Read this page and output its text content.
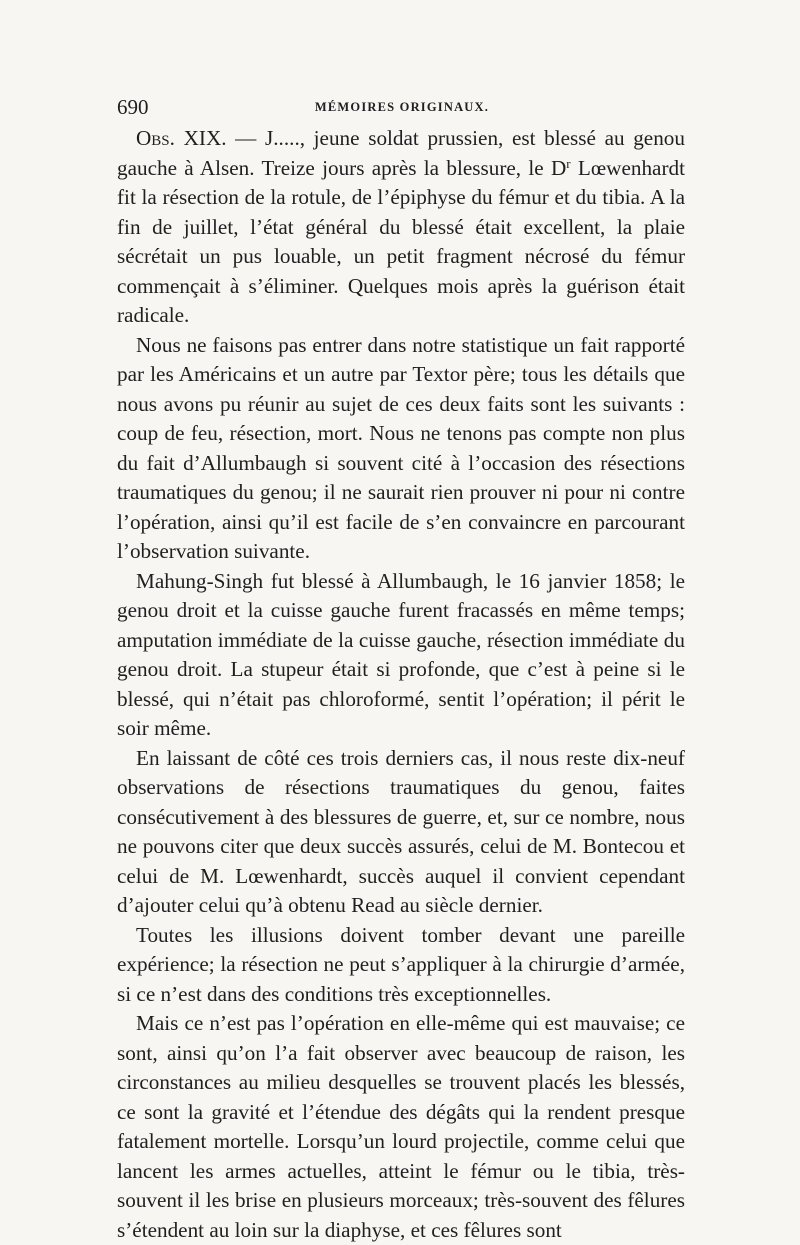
690	MÉMOIRES ORIGINAUX.

Obs. XIX. — J....., jeune soldat prussien, est blessé au genou gauche à Alsen. Treize jours après la blessure, le $D^r$ Lœwenhardt fit la résection de la rotule, de l’épiphyse du fémur et du tibia. A la fin de juillet, l’état général du blessé était excellent, la plaie sécrétait un pus louable, un petit fragment nécrosé du fémur commençait à s’éliminer. Quelques mois après la guérison était radicale.

Nous ne faisons pas entrer dans notre statistique un fait rapporté par les Américains et un autre par Textor père; tous les détails que nous avons pu réunir au sujet de ces deux faits sont les suivants : coup de feu, résection, mort. Nous ne tenons pas compte non plus du fait d’Allumbaugh si souvent cité à l’occasion des résections traumatiques du genou; il ne saurait rien prouver ni pour ni contre l’opération, ainsi qu’il est facile de s’en convaincre en parcourant l’observation suivante.

Mahung-Singh fut blessé à Allumbaugh, le 16 janvier 1858; le genou droit et la cuisse gauche furent fracassés en même temps; amputation immédiate de la cuisse gauche, résection immédiate du genou droit. La stupeur était si profonde, que c’est à peine si le blessé, qui n’était pas chloroformé, sentit l’opération; il périt le soir même.

En laissant de côté ces trois derniers cas, il nous reste dix-neuf observations de résections traumatiques du genou, faites consécutivement à des blessures de guerre, et, sur ce nombre, nous ne pouvons citer que deux succès assurés, celui de M. Bontecou et celui de M. Lœwenhardt, succès auquel il convient cependant d’ajouter celui qu’à obtenu Read au siècle dernier.

Toutes les illusions doivent tomber devant une pareille expérience; la résection ne peut s’appliquer à la chirurgie d’armée, si ce n’est dans des conditions très exceptionnelles.

Mais ce n’est pas l’opération en elle-même qui est mauvaise; ce sont, ainsi qu’on l’a fait observer avec beaucoup de raison, les circonstances au milieu desquelles se trouvent placés les blessés, ce sont la gravité et l’étendue des dégâts qui la rendent presque fatalement mortelle. Lorsqu’un lourd projectile, comme celui que lancent les armes actuelles, atteint le fémur ou le tibia, très-souvent il les brise en plusieurs morceaux; très-souvent des fêlures s’étendent au loin sur la diaphyse, et ces fêlures sont
